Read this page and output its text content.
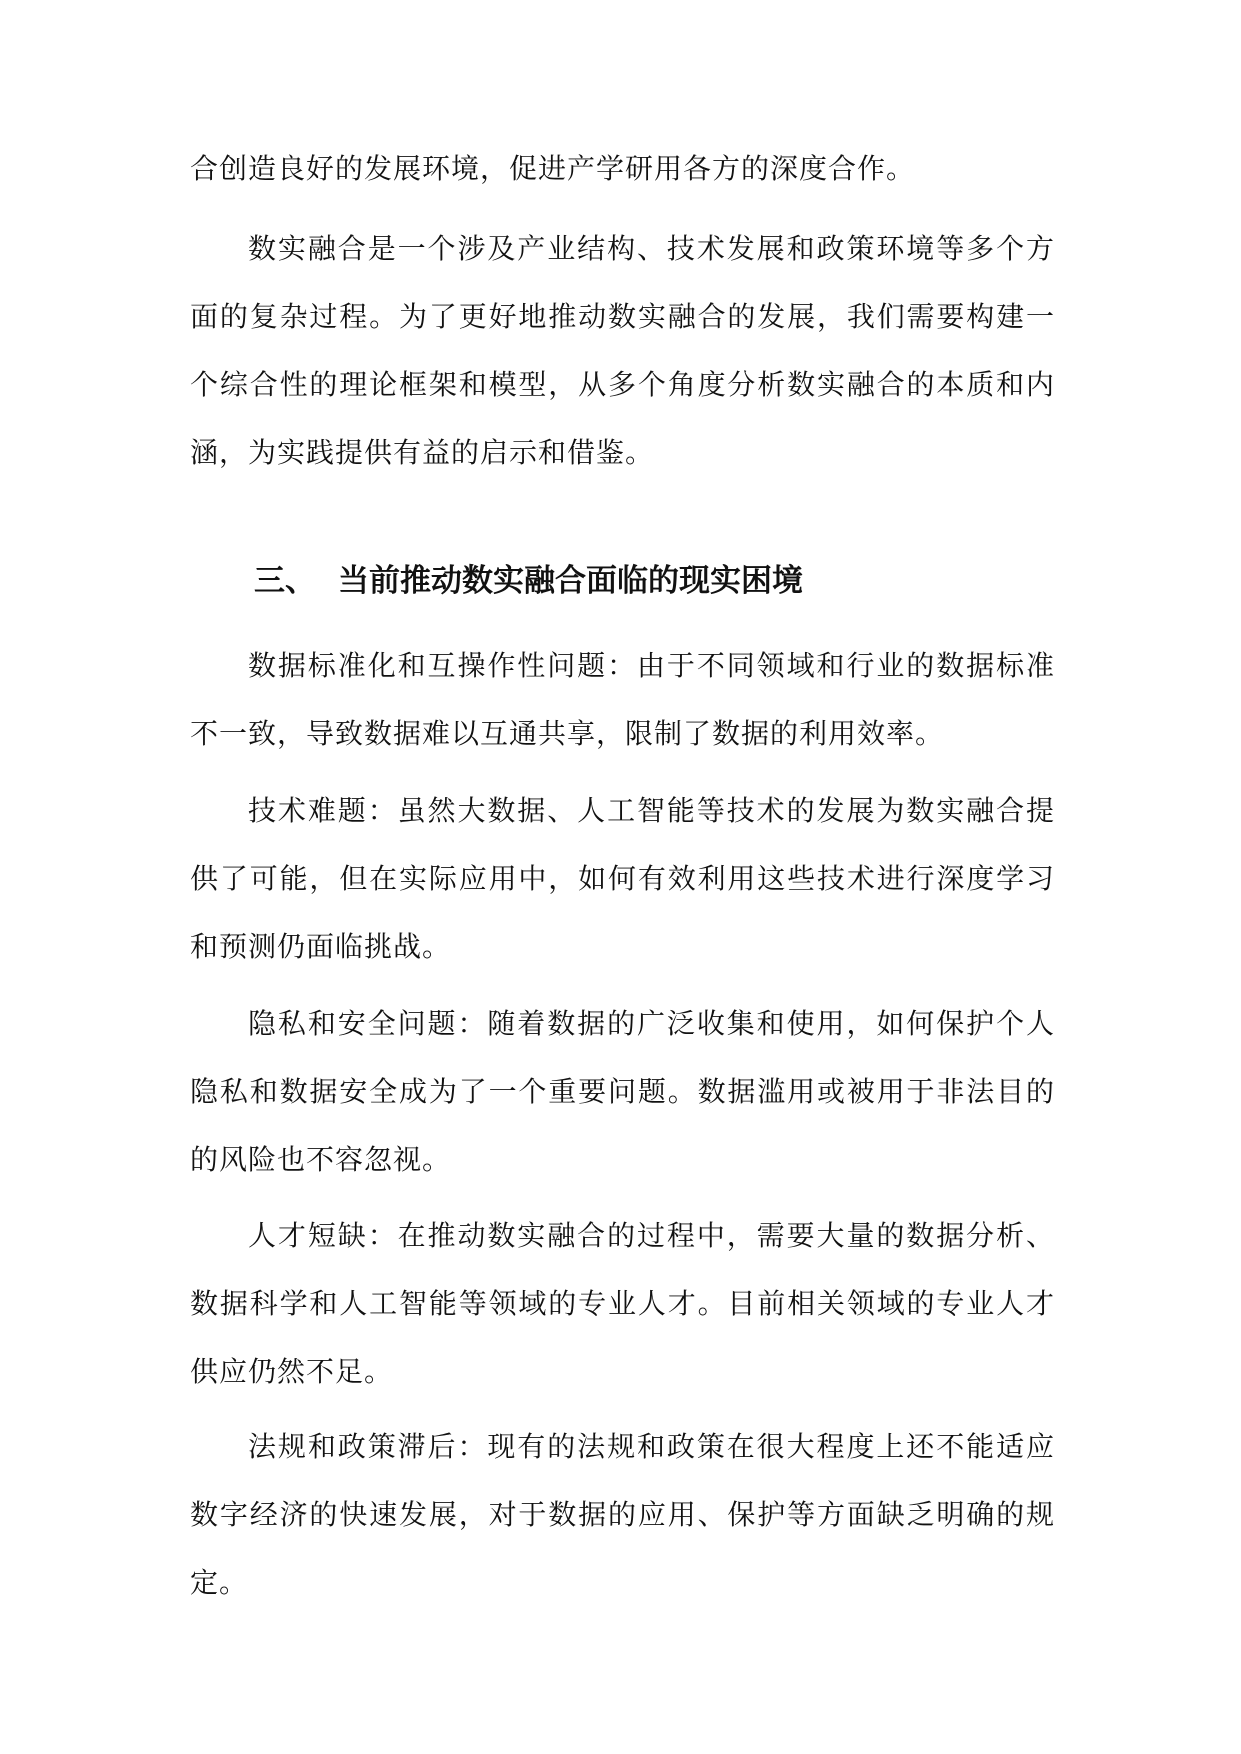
合创造良好的发展环境，促进产学研用各方的深度合作。

数实融合是一个涉及产业结构、技术发展和政策环境等多个方面的复杂过程。为了更好地推动数实融合的发展，我们需要构建一个综合性的理论框架和模型，从多个角度分析数实融合的本质和内涵，为实践提供有益的启示和借鉴。

三、 当前推动数实融合面临的现实困境

数据标准化和互操作性问题：由于不同领域和行业的数据标准不一致，导致数据难以互通共享，限制了数据的利用效率。

技术难题：虽然大数据、人工智能等技术的发展为数实融合提供了可能，但在实际应用中，如何有效利用这些技术进行深度学习和预测仍面临挑战。

隐私和安全问题：随着数据的广泛收集和使用，如何保护个人隐私和数据安全成为了一个重要问题。数据滥用或被用于非法目的的风险也不容忽视。

人才短缺：在推动数实融合的过程中，需要大量的数据分析、数据科学和人工智能等领域的专业人才。目前相关领域的专业人才供应仍然不足。

法规和政策滞后：现有的法规和政策在很大程度上还不能适应数字经济的快速发展，对于数据的应用、保护等方面缺乏明确的规定。
